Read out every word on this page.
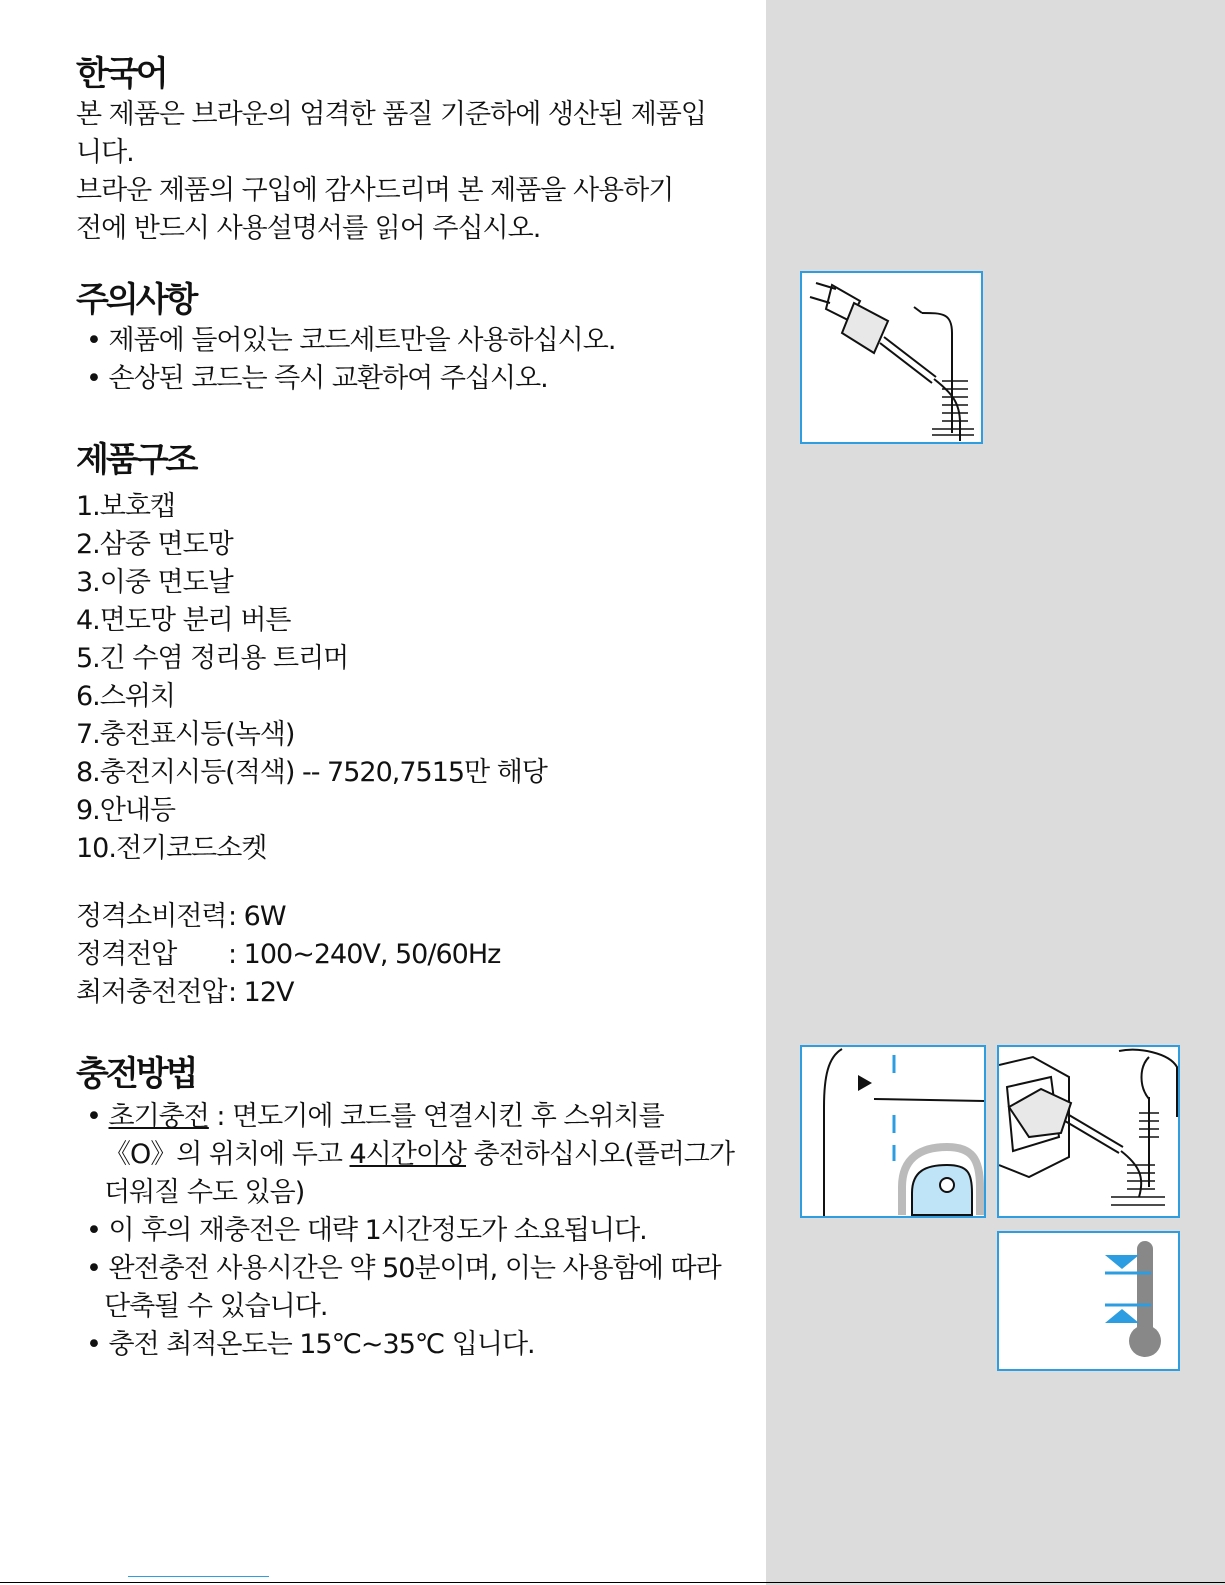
한국어

본 제품은 브라운의 엄격한 품질 기준하에 생산된 제품입

니다.

브라운 제품의 구입에 감사드리며 본 제품을 사용하기

전에 반드시 사용설명서를 읽어 주십시오.

주의사항

• 제품에 들어있는 코드세트만을 사용하십시오.

• 손상된 코드는 즉시 교환하여 주십시오.

제품구조

1.보호캡

2.삼중 면도망

3.이중 면도날

4.면도망 분리 버튼

5.긴 수염 정리용 트리머

6.스위치

7.충전표시등(녹색)

8.충전지시등(적색) -- 7520,7515만 해당

9.안내등

10.전기코드소켓

정격소비전력: 6W

정격전압 : 100~240V, 50/60Hz

최저충전전압: 12V

충전방법

• 초기충전 : 면도기에 코드를 연결시킨 후 스위치를

《O》의 위치에 두고 4시간이상 충전하십시오(플러그가

더워질 수도 있음)

• 이 후의 재충전은 대략 1시간정도가 소요됩니다.

• 완전충전 사용시간은 약 50분이며, 이는 사용함에 따라

단축될 수 있습니다.

• 충전 최적온도는 15℃~35℃ 입니다.
